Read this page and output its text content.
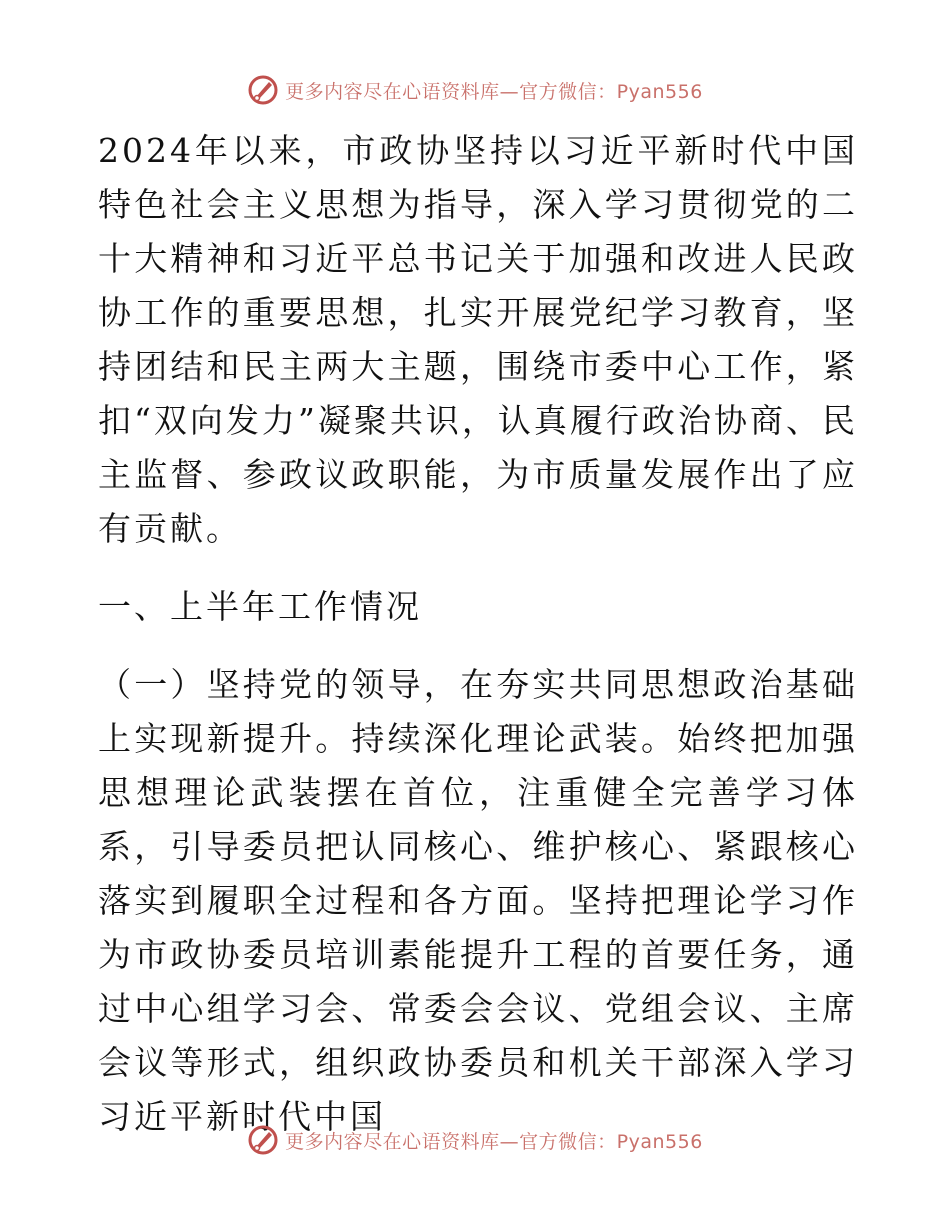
更多内容尽在心语资料库—官方微信：Pyan556

2024年以来，市政协坚持以习近平新时代中国特色社会主义思想为指导，深入学习贯彻党的二十大精神和习近平总书记关于加强和改进人民政协工作的重要思想，扎实开展党纪学习教育，坚持团结和民主两大主题，围绕市委中心工作，紧扣“双向发力”凝聚共识，认真履行政治协商、民主监督、参政议政职能，为市质量发展作出了应有贡献。

一、上半年工作情况

（一）坚持党的领导，在夯实共同思想政治基础上实现新提升。持续深化理论武装。始终把加强思想理论武装摆在首位，注重健全完善学习体系，引导委员把认同核心、维护核心、紧跟核心落实到履职全过程和各方面。坚持把理论学习作为市政协委员培训素能提升工程的首要任务，通过中心组学习会、常委会会议、党组会议、主席会议等形式，组织政协委员和机关干部深入学习习近平新时代中国

更多内容尽在心语资料库—官方微信：Pyan556
